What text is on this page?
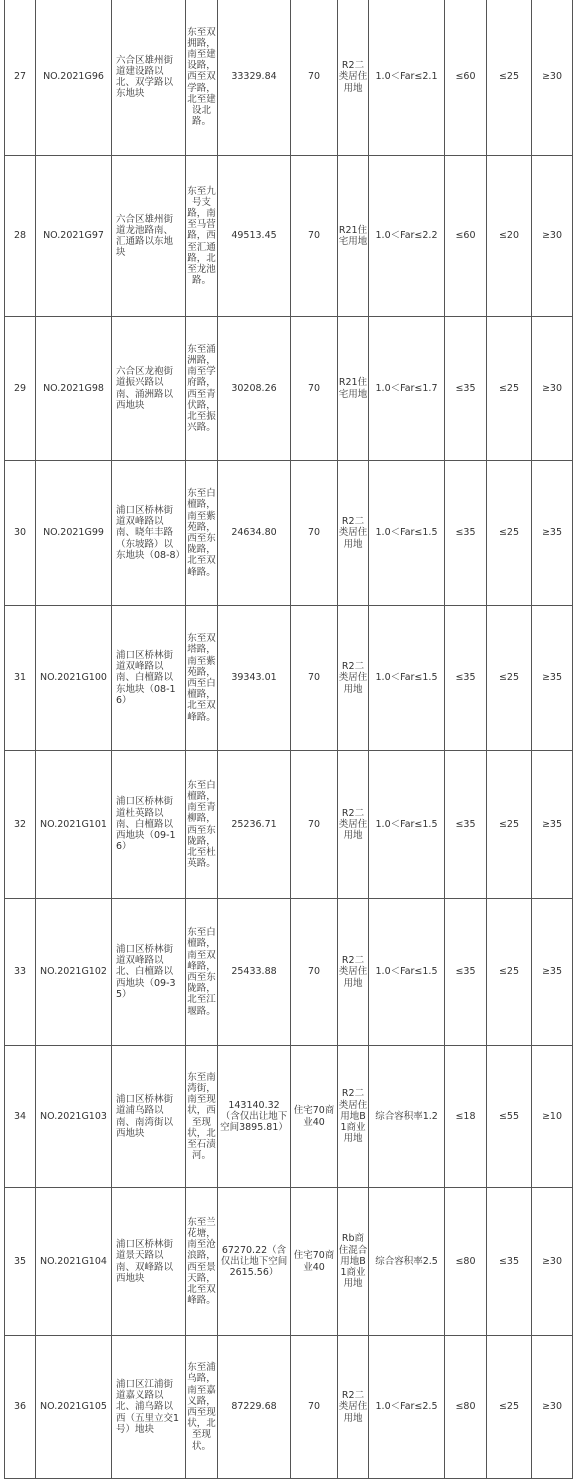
27	NO.2021G96	六合区雄州街道建设路以北、双学路以东地块	东至双拥路，南至建设路，西至双学路，北至建设北路。	33329.84	70	R2二类居住用地	1.0＜Far≤2.1	≤60	≤25	≥30
28	NO.2021G97	六合区雄州街道龙池路南、汇通路以东地块	东至九号支路，南至马营路，西至汇通路，北至龙池路。	49513.45	70	R21住宅用地	1.0＜Far≤2.2	≤60	≤20	≥30
29	NO.2021G98	六合区龙袍街道振兴路以南、涌洲路以西地块	东至涌洲路，南至学府路，西至青伏路，北至振兴路。	30208.26	70	R21住宅用地	1.0＜Far≤1.7	≤35	≤25	≥30
30	NO.2021G99	浦口区桥林街道双峰路以南、晓年丰路（东坡路）以东地块（08-8）	东至白檀路，南至紫苑路，西至东陇路，北至双峰路。	24634.80	70	R2二类居住用地	1.0＜Far≤1.5	≤35	≤25	≥35
31	NO.2021G100	浦口区桥林街道双峰路以南、白檀路以东地块（08-16）	东至双塔路，南至紫苑路，西至白檀路，北至双峰路。	39343.01	70	R2二类居住用地	1.0＜Far≤1.5	≤35	≤25	≥35
32	NO.2021G101	浦口区桥林街道杜英路以南、白檀路以西地块（09-16）	东至白檀路，南至青柳路，西至东陇路，北至杜英路。	25236.71	70	R2二类居住用地	1.0＜Far≤1.5	≤35	≤25	≥35
33	NO.2021G102	浦口区桥林街道双峰路以北、白檀路以西地块（09-35）	东至白檀路，南至双峰路，西至东陇路，北至江堰路。	25433.88	70	R2二类居住用地	1.0＜Far≤1.5	≤35	≤25	≥35
34	NO.2021G103	浦口区桥林街道浦乌路以南、南湾街以西地块	东至南湾街，南至现状，西至现状，北至石渍河。	143140.32（含仅出让地下空间3895.81）	住宅70商业40	R2二类居住用地B1商业用地	综合容积率1.2	≤18	≤55	≥10
35	NO.2021G104	浦口区桥林街道景天路以南、双峰路以西地块	东至兰花塘，南至沧浪路，西至景天路，北至双峰路。	67270.22（含仅出让地下空间2615.56）	住宅70商业40	Rb商住混合用地B1商业用地	综合容积率2.5	≤80	≤35	≥30
36	NO.2021G105	浦口区江浦街道嘉义路以北、浦乌路以西（五里立交1号）地块	东至浦乌路，南至嘉义路，西至现状，北至现状。	87229.68	70	R2二类居住用地	1.0＜Far≤2.5	≤80	≤25	≥30
